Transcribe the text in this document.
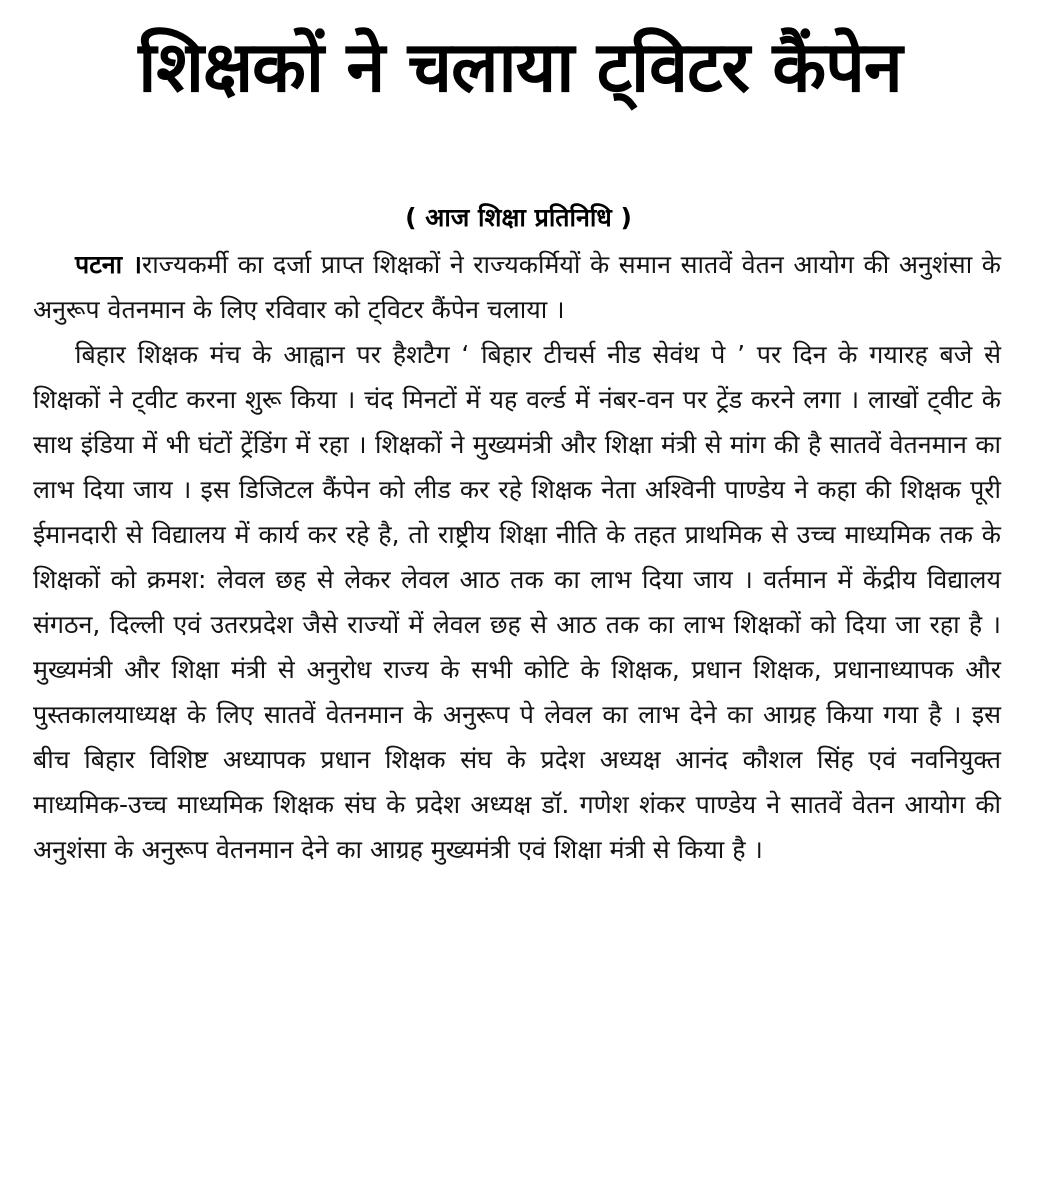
शिक्षकों ने चलाया ट्विटर कैंपेन
( आज शिक्षा प्रतिनिधि )

पटना ।राज्यकर्मी का दर्जा प्राप्त शिक्षकों ने राज्यकर्मियों के समान सातवें वेतन आयोग की अनुशंसा के अनुरूप वेतनमान के लिए रविवार को ट्विटर कैंपेन चलाया ।

बिहार शिक्षक मंच के आह्वान पर हैशटैग ‘ बिहार टीचर्स नीड सेवंथ पे ’ पर दिन के गयारह बजे से शिक्षकों ने ट्वीट करना शुरू किया । चंद मिनटों में यह वर्ल्ड में नंबर-वन पर ट्रेंड करने लगा । लाखों ट्वीट के साथ इंडिया में भी घंटों ट्रेंडिंग में रहा । शिक्षकों ने मुख्यमंत्री और शिक्षा मंत्री से मांग की है सातवें वेतनमान का लाभ दिया जाय । इस डिजिटल कैंपेन को लीड कर रहे शिक्षक नेता अश्विनी पाण्डेय ने कहा की शिक्षक पूरी ईमानदारी से विद्यालय में कार्य कर रहे है, तो राष्ट्रीय शिक्षा नीति के तहत प्राथमिक से उच्च माध्यमिक तक के शिक्षकों को क्रमश: लेवल छह से लेकर लेवल आठ तक का लाभ दिया जाय । वर्तमान में केंद्रीय विद्यालय संगठन, दिल्ली एवं उतरप्रदेश जैसे राज्यों में लेवल छह से आठ तक का लाभ शिक्षकों को दिया जा रहा है । मुख्यमंत्री और शिक्षा मंत्री से अनुरोध राज्य के सभी कोटि के शिक्षक, प्रधान शिक्षक, प्रधानाध्यापक और पुस्तकालयाध्यक्ष के लिए सातवें वेतनमान के अनुरूप पे लेवल का लाभ देने का आग्रह किया गया है । इस बीच बिहार विशिष्ट अध्यापक प्रधान शिक्षक संघ के प्रदेश अध्यक्ष आनंद कौशल सिंह एवं नवनियुक्त माध्यमिक-उच्च माध्यमिक शिक्षक संघ के प्रदेश अध्यक्ष डॉ. गणेश शंकर पाण्डेय ने सातवें वेतन आयोग की अनुशंसा के अनुरूप वेतनमान देने का आग्रह मुख्यमंत्री एवं शिक्षा मंत्री से किया है ।
